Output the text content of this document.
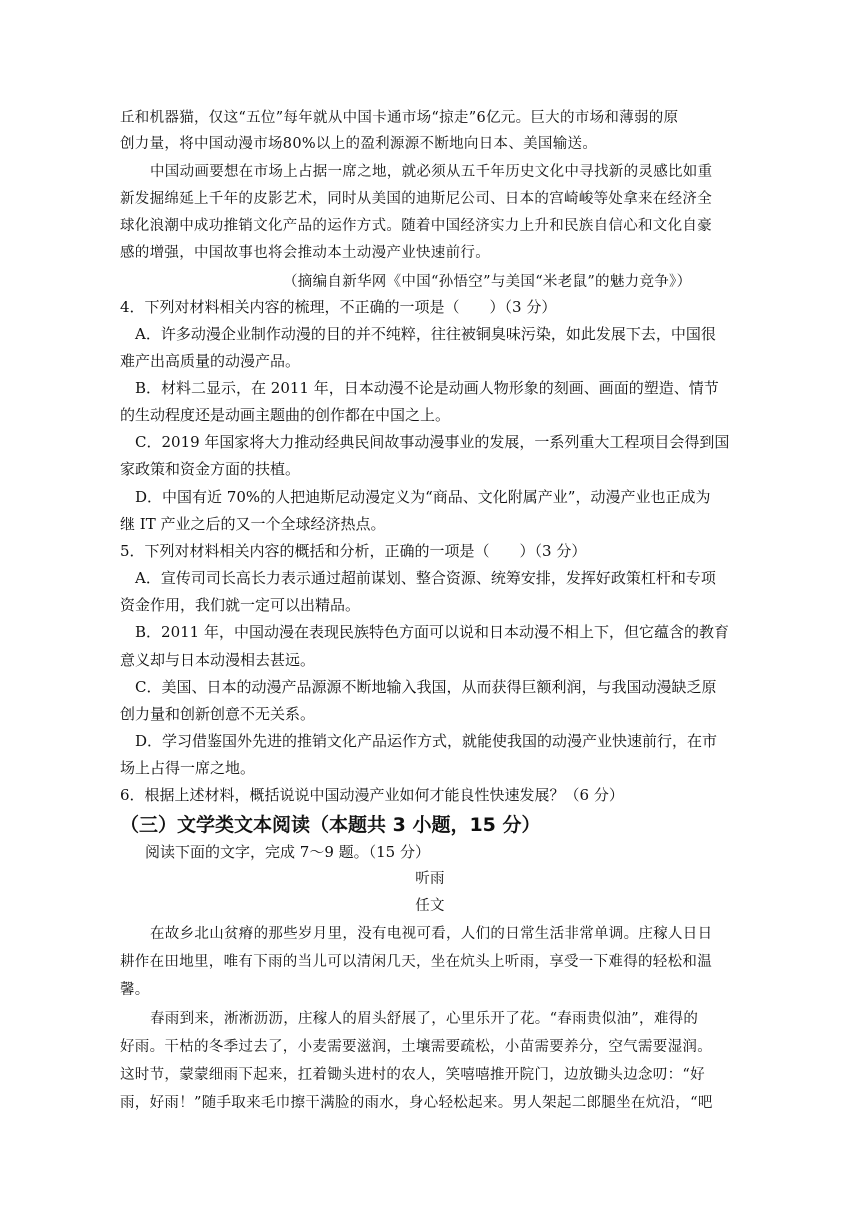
丘和机器猫，仅这“五位”每年就从中国卡通市场“掠走”6亿元。巨大的市场和薄弱的原
创力量，将中国动漫市场80%以上的盈利源源不断地向日本、美国输送。
中国动画要想在市场上占据一席之地，就必须从五千年历史文化中寻找新的灵感比如重
新发掘绵延上千年的皮影艺术，同时从美国的迪斯尼公司、日本的宫崎峻等处拿来在经济全
球化浪潮中成功推销文化产品的运作方式。随着中国经济实力上升和民族自信心和文化自豪
感的增强，中国故事也将会推动本土动漫产业快速前行。
（摘编自新华网《中国“孙悟空”与美国“米老鼠”的魅力竞争》）
4．下列对材料相关内容的梳理，不正确的一项是（　　）（3 分）
A．许多动漫企业制作动漫的目的并不纯粹，往往被铜臭味污染，如此发展下去，中国很
难产出高质量的动漫产品。
B．材料二显示，在 2011 年，日本动漫不论是动画人物形象的刻画、画面的塑造、情节
的生动程度还是动画主题曲的创作都在中国之上。
C．2019 年国家将大力推动经典民间故事动漫事业的发展，一系列重大工程项目会得到国
家政策和资金方面的扶植。
D．中国有近 70%的人把迪斯尼动漫定义为“商品、文化附属产业”，动漫产业也正成为
继 IT 产业之后的又一个全球经济热点。
5．下列对材料相关内容的概括和分析，正确的一项是（　　）（3 分）
A．宣传司司长高长力表示通过超前谋划、整合资源、统筹安排，发挥好政策杠杆和专项
资金作用，我们就一定可以出精品。
B．2011 年，中国动漫在表现民族特色方面可以说和日本动漫不相上下，但它蕴含的教育
意义却与日本动漫相去甚远。
C．美国、日本的动漫产品源源不断地输入我国，从而获得巨额利润，与我国动漫缺乏原
创力量和创新创意不无关系。
D．学习借鉴国外先进的推销文化产品运作方式，就能使我国的动漫产业快速前行，在市
场上占得一席之地。
6．根据上述材料，概括说说中国动漫产业如何才能良性快速发展？（6 分）
（三）文学类文本阅读（本题共 3 小题，15 分）
阅读下面的文字，完成 7～9 题。（15 分）
听雨
任文
在故乡北山贫瘠的那些岁月里，没有电视可看，人们的日常生活非常单调。庄稼人日日
耕作在田地里，唯有下雨的当儿可以清闲几天，坐在炕头上听雨，享受一下难得的轻松和温
馨。
春雨到来，淅淅沥沥，庄稼人的眉头舒展了，心里乐开了花。“春雨贵似油”，难得的
好雨。干枯的冬季过去了，小麦需要滋润，土壤需要疏松，小苗需要养分，空气需要湿润。
这时节，蒙蒙细雨下起来，扛着锄头进村的农人，笑嘻嘻推开院门，边放锄头边念叨：“好
雨，好雨！”随手取来毛巾擦干满脸的雨水，身心轻松起来。男人架起二郎腿坐在炕沿，“吧
